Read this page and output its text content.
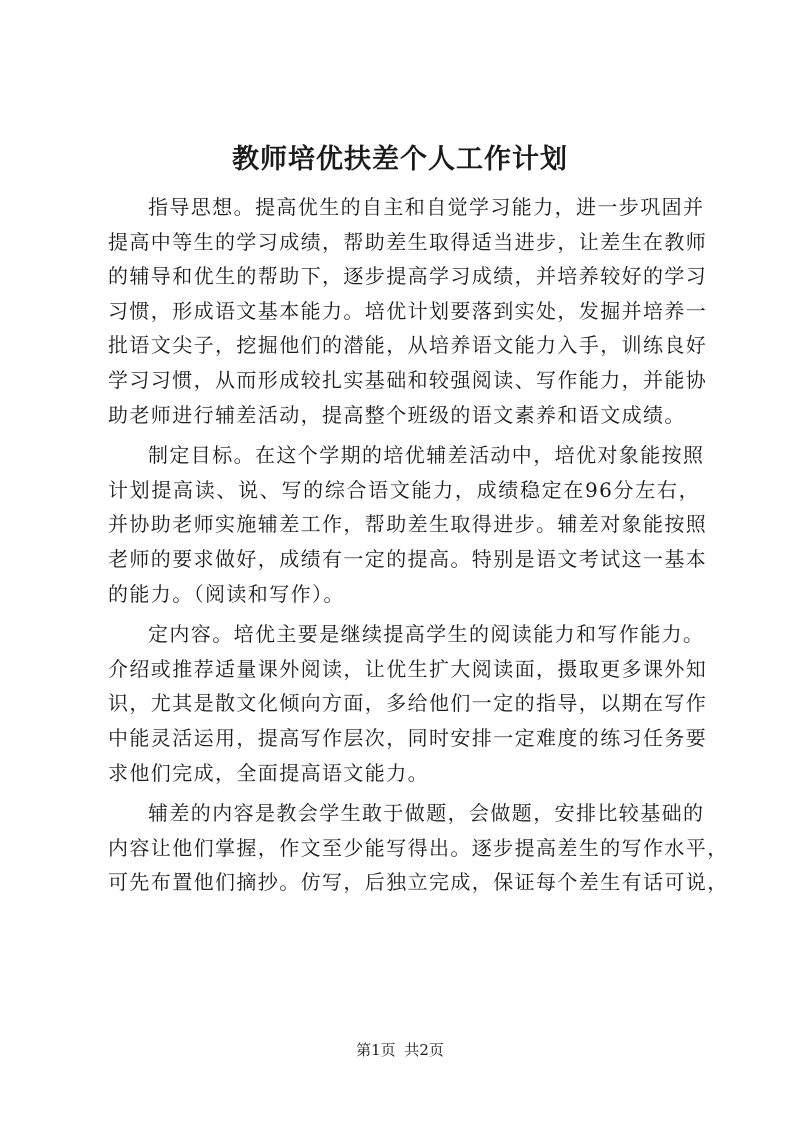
教师培优扶差个人工作计划

指导思想。提高优生的自主和自觉学习能力，进一步巩固并
提高中等生的学习成绩，帮助差生取得适当进步，让差生在教师
的辅导和优生的帮助下，逐步提高学习成绩，并培养较好的学习
习惯，形成语文基本能力。培优计划要落到实处，发掘并培养一
批语文尖子，挖掘他们的潜能，从培养语文能力入手，训练良好
学习习惯，从而形成较扎实基础和较强阅读、写作能力，并能协
助老师进行辅差活动，提高整个班级的语文素养和语文成绩。

制定目标。在这个学期的培优辅差活动中，培优对象能按照
计划提高读、说、写的综合语文能力，成绩稳定在96分左右，
并协助老师实施辅差工作，帮助差生取得进步。辅差对象能按照
老师的要求做好，成绩有一定的提高。特别是语文考试这一基本
的能力。（阅读和写作）。

定内容。培优主要是继续提高学生的阅读能力和写作能力。
介绍或推荐适量课外阅读，让优生扩大阅读面，摄取更多课外知
识，尤其是散文化倾向方面，多给他们一定的指导，以期在写作
中能灵活运用，提高写作层次，同时安排一定难度的练习任务要
求他们完成，全面提高语文能力。

辅差的内容是教会学生敢于做题，会做题，安排比较基础的
内容让他们掌握，作文至少能写得出。逐步提高差生的写作水平，
可先布置他们摘抄。仿写，后独立完成，保证每个差生有话可说，

第1页 共2页
